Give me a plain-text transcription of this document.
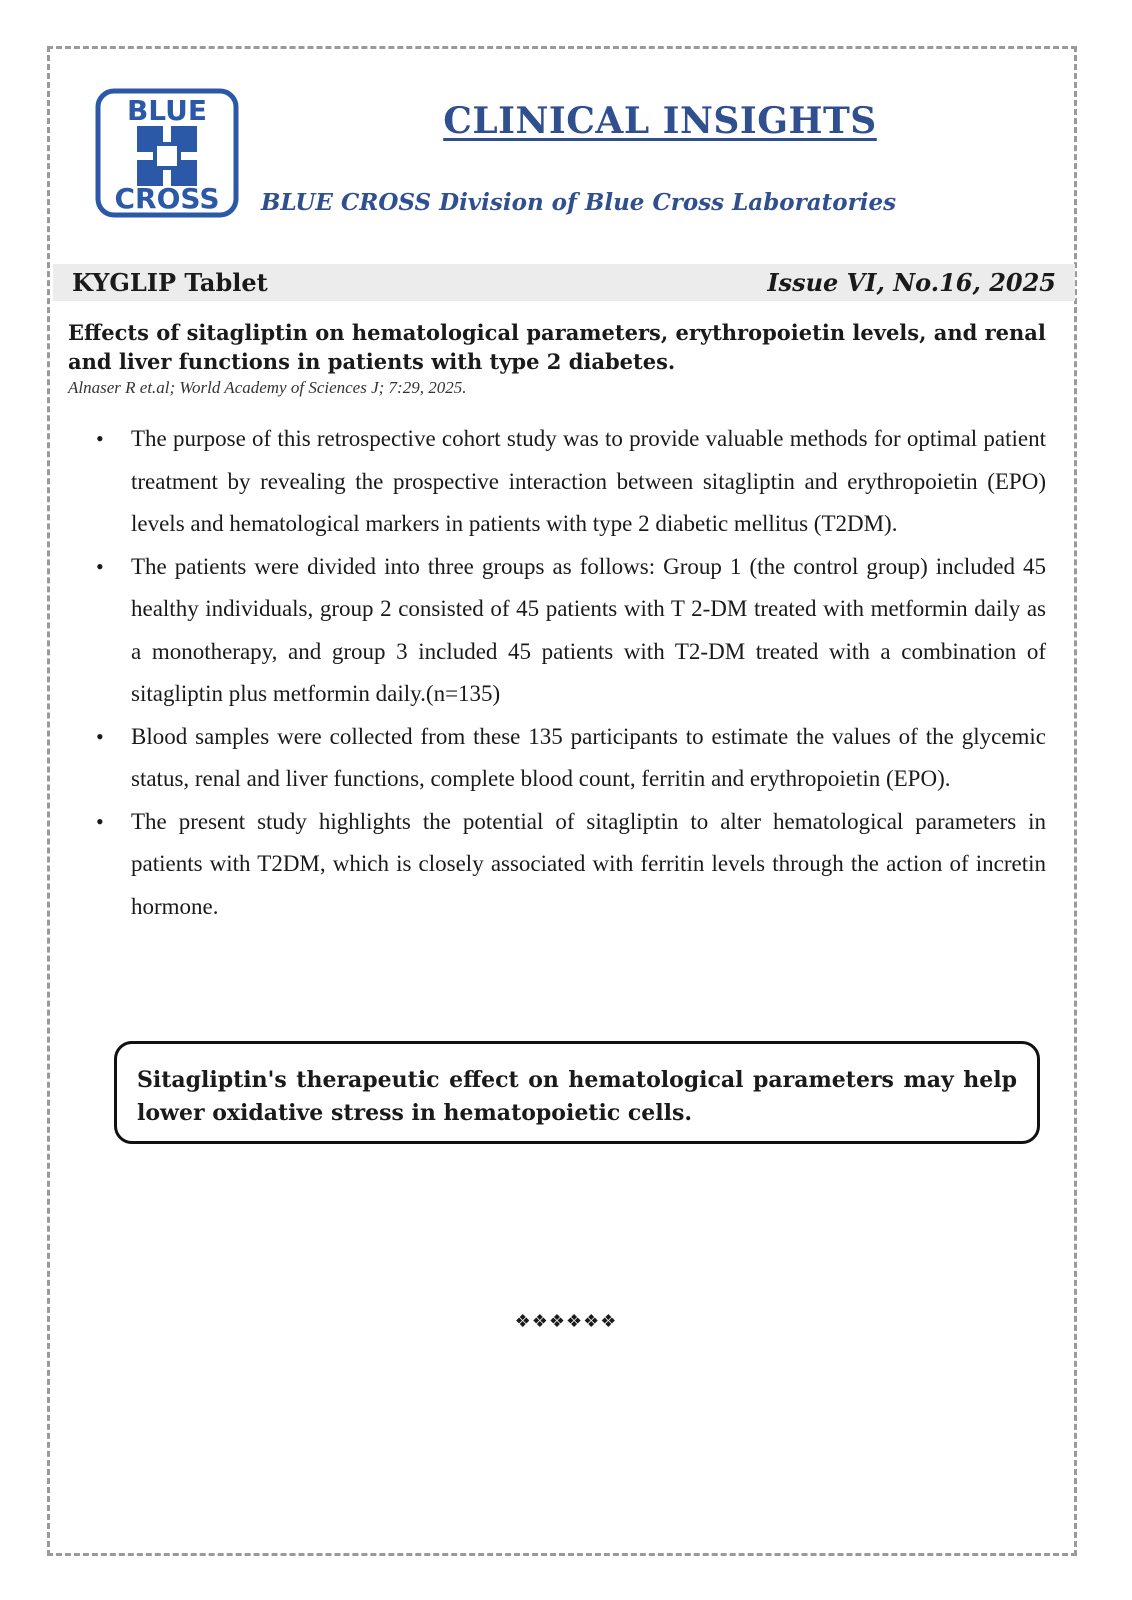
BLUE
CROSS
CLINICAL INSIGHTS
BLUE CROSS Division of Blue Cross Laboratories
KYGLIP Tablet	Issue VI, No.16, 2025
Effects of sitagliptin on hematological parameters, erythropoietin levels, and renal and liver functions in patients with type 2 diabetes.
Alnaser R et.al; World Academy of Sciences J; 7:29, 2025.
• The purpose of this retrospective cohort study was to provide valuable methods for optimal patient treatment by revealing the prospective interaction between sitagliptin and erythropoietin (EPO) levels and hematological markers in patients with type 2 diabetic mellitus (T2DM).
• The patients were divided into three groups as follows: Group 1 (the control group) included 45 healthy individuals, group 2 consisted of 45 patients with T 2-DM treated with metformin daily as a monotherapy, and group 3 included 45 patients with T2-DM treated with a combination of sitagliptin plus metformin daily.(n=135)
• Blood samples were collected from these 135 participants to estimate the values of the glycemic status, renal and liver functions, complete blood count, ferritin and erythropoietin (EPO).
• The present study highlights the potential of sitagliptin to alter hematological parameters in patients with T2DM, which is closely associated with ferritin levels through the action of incretin hormone.
Sitagliptin's therapeutic effect on hematological parameters may help lower oxidative stress in hematopoietic cells.
❖❖❖❖❖❖
